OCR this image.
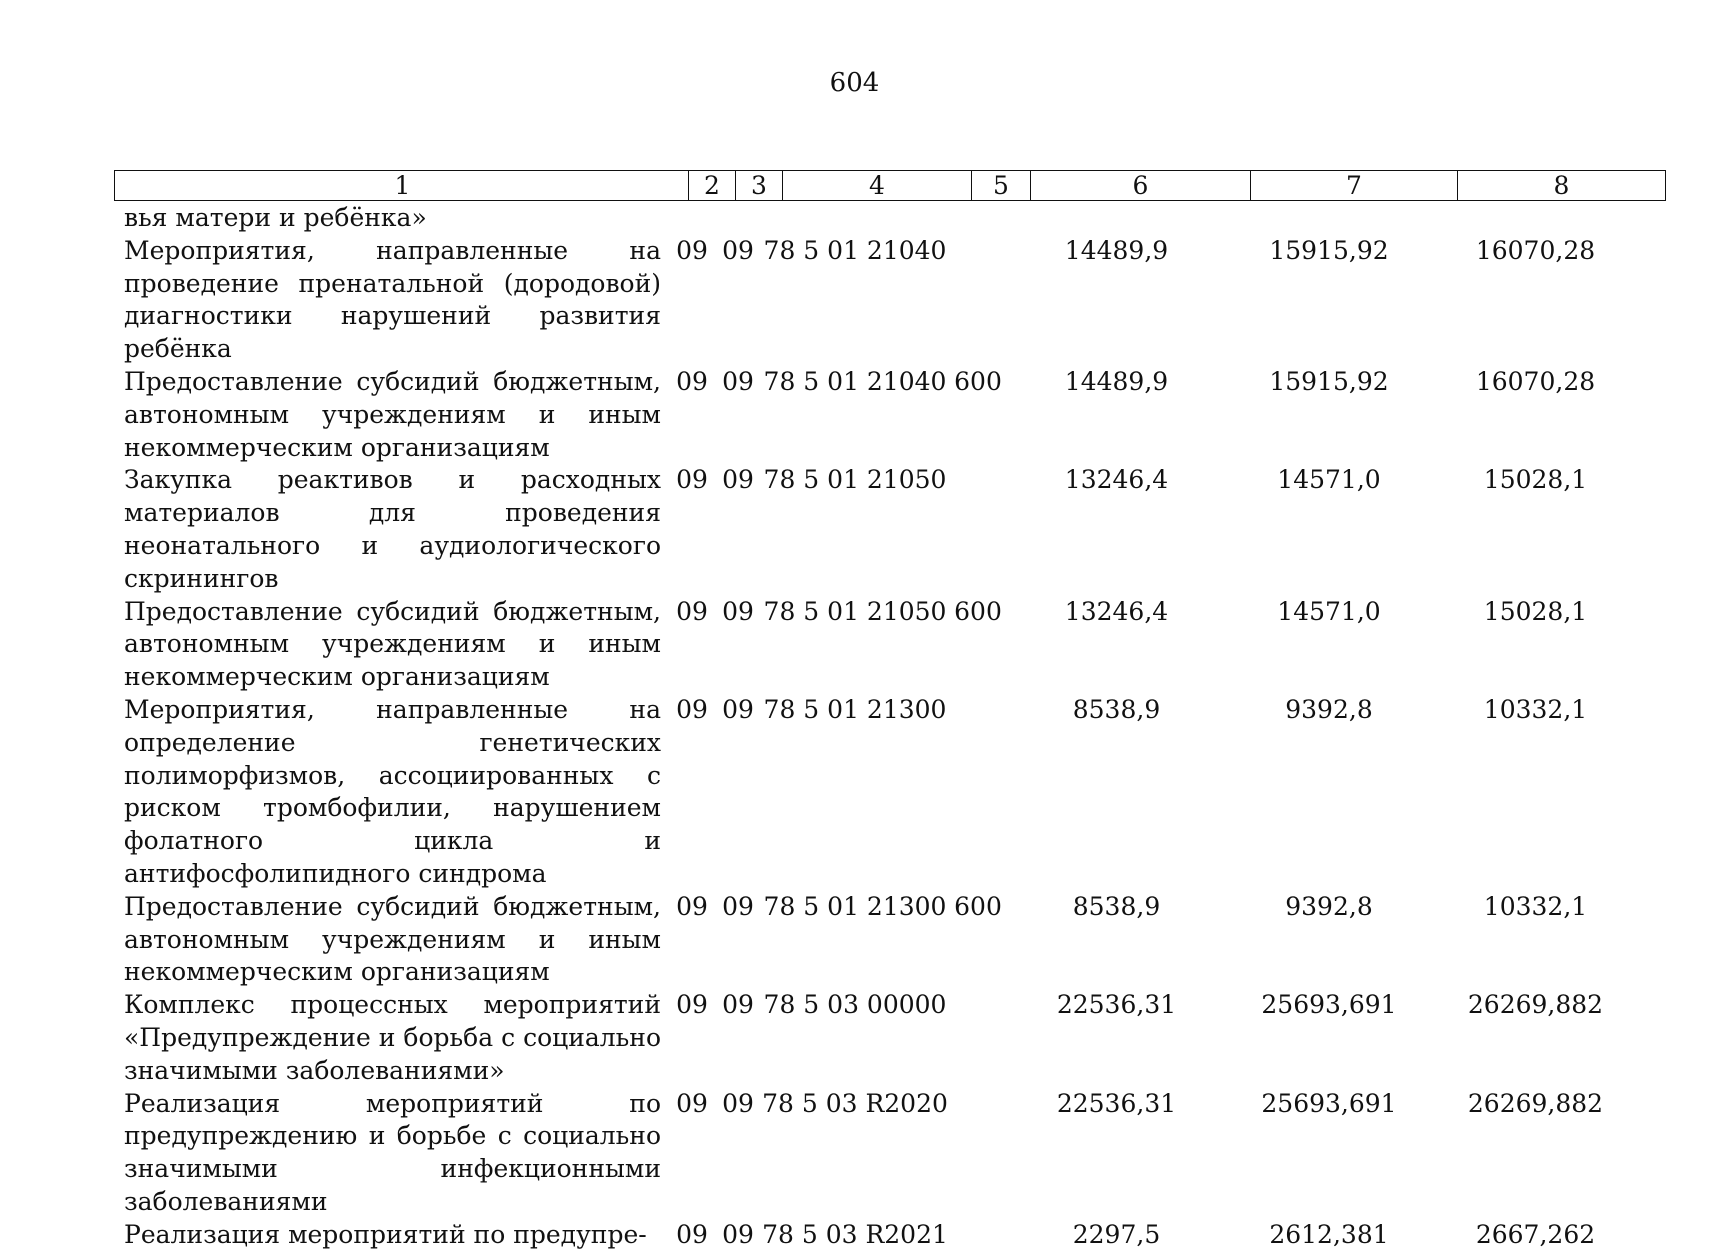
604
1	2	3	4	5	6	7	8
вья матери и ребёнка»							
Мероприятия, направленные на проведение пренатальной (дородовой) диагностики нарушений развития ребёнка	09	09	78 5 01 21040		14489,9	15915,92	16070,28
Предоставление субсидий бюджетным, автономным учреждениям и иным некоммерческим организациям	09	09	78 5 01 21040	600	14489,9	15915,92	16070,28
Закупка реактивов и расходных материалов для проведения неонатального и аудиологического скринингов	09	09	78 5 01 21050		13246,4	14571,0	15028,1
Предоставление субсидий бюджетным, автономным учреждениям и иным некоммерческим организациям	09	09	78 5 01 21050	600	13246,4	14571,0	15028,1
Мероприятия, направленные на определение генетических полиморфизмов, ассоциированных с риском тромбофилии, нарушением фолатного цикла и антифосфолипидного синдрома	09	09	78 5 01 21300		8538,9	9392,8	10332,1
Предоставление субсидий бюджетным, автономным учреждениям и иным некоммерческим организациям	09	09	78 5 01 21300	600	8538,9	9392,8	10332,1
Комплекс процессных мероприятий «Предупреждение и борьба с социально значимыми заболеваниями»	09	09	78 5 03 00000		22536,31	25693,691	26269,882
Реализация мероприятий по предупреждению и борьбе с социально значимыми инфекционными заболеваниями	09	09	78 5 03 R2020		22536,31	25693,691	26269,882
Реализация мероприятий по предупре-	09	09	78 5 03 R2021		2297,5	2612,381	2667,262
